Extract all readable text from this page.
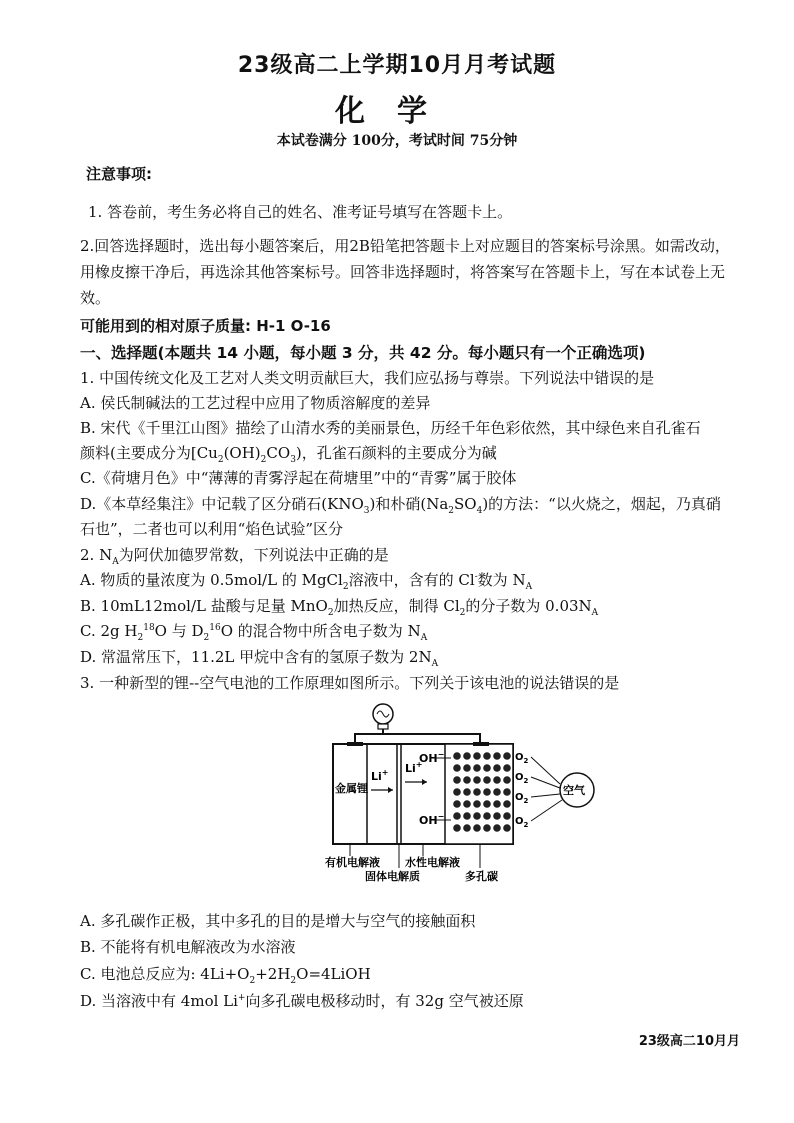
23级高二上学期10月月考试题
化学
本试卷满分 100分，考试时间 75分钟
注意事项:
1. 答卷前，考生务必将自己的姓名、准考证号填写在答题卡上。
2.回答选择题时，选出每小题答案后，用2B铅笔把答题卡上对应题目的答案标号涂黑。如需改动，
用橡皮擦干净后，再选涂其他答案标号。回答非选择题时，将答案写在答题卡上，写在本试卷上无
效。
可能用到的相对原子质量: H-1 O-16
一、选择题(本题共 14 小题，每小题 3 分，共 42 分。每小题只有一个正确选项)
1. 中国传统文化及工艺对人类文明贡献巨大，我们应弘扬与尊崇。下列说法中错误的是
A. 侯氏制碱法的工艺过程中应用了物质溶解度的差异
B. 宋代《千里江山图》描绘了山清水秀的美丽景色，历经千年色彩依然，其中绿色来自孔雀石
颜料(主要成分为$[Cu_2(OH)_2CO_3)$，孔雀石颜料的主要成分为碱
C.《荷塘月色》中“薄薄的青雾浮起在荷塘里”中的“青雾”属于胶体
D.《本草经集注》中记载了区分硝石$(KNO_3)$和朴硝$(Na_2SO_4)$的方法：“以火烧之，烟起，乃真硝
石也”，二者也可以利用“焰色试验”区分
2. $N_A$为阿伏加德罗常数，下列说法中正确的是
A. 物质的量浓度为 0.5mol/L 的 MgCl$_2$溶液中，含有的 Cl-数为 $N_A$
B. 10mL12mol/L 盐酸与足量 MnO$_2$加热反应，制得 $Cl_2$的分子数为 $0.03N_A$
C. 2g $H_2^{18}O$ 与 $D_2^{16}O$ 的混合物中所含电子数为 $N_A$
D. 常温常压下，11.2L 甲烷中含有的氢原子数为 $2N_A$
3. 一种新型的锂--空气电池的工作原理如图所示。下列关于该电池的说法错误的是
金属锂
Li+ Li+
OH−
OH−
$O_2$
$O_2$
$O_2$
$O_2$
空气
有机电解液 水性电解液
固体电解质	多孔碳
A. 多孔碳作正极，其中多孔的目的是增大与空气的接触面积
B. 不能将有机电解液改为水溶液
C. 电池总反应为: $4Li+O_2+2H_2O=4LiOH$
D. 当溶液中有 4mol Li+向多孔碳电极移动时，有 32g 空气被还原
23级高二10月月
